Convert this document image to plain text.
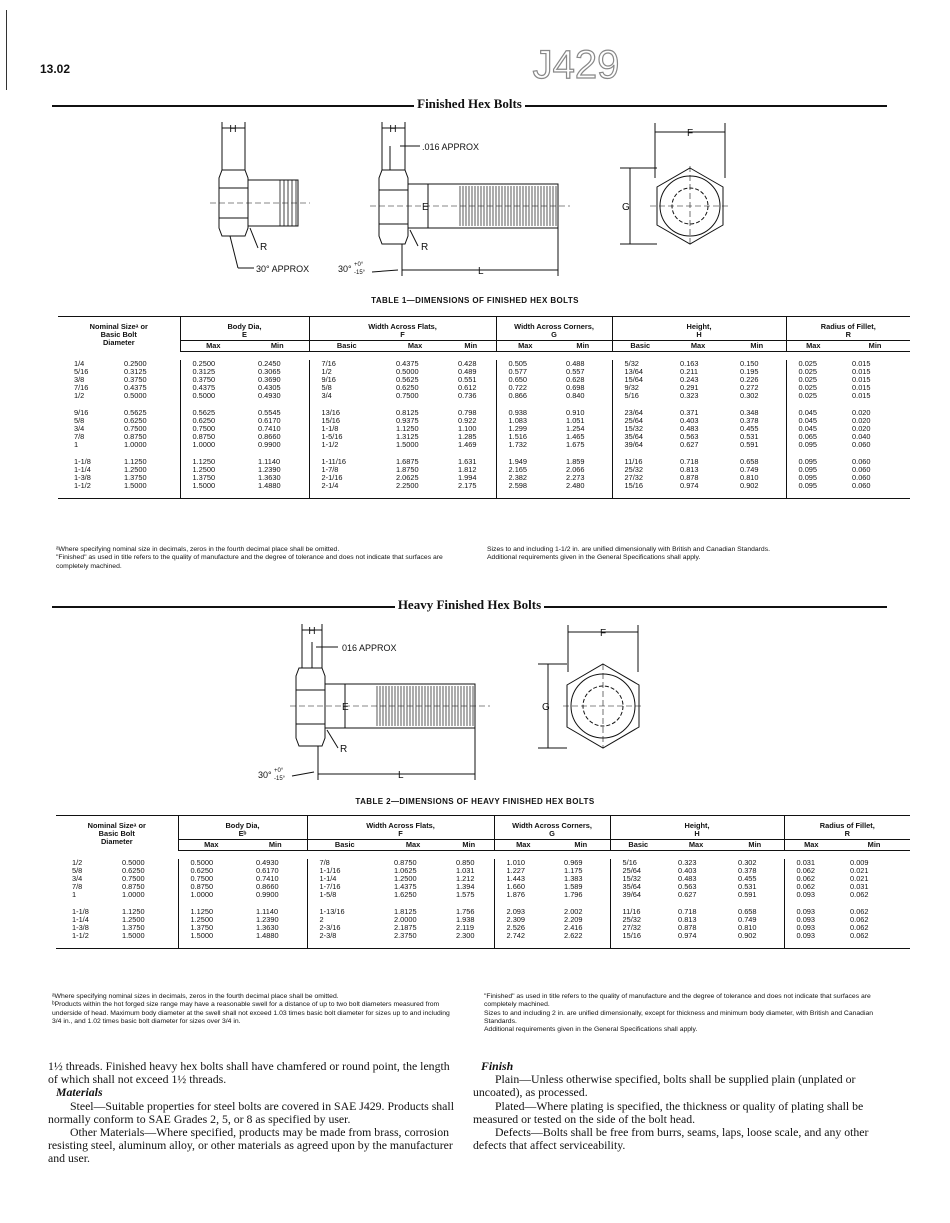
13.02	J429
Finished Hex Bolts
H
R
30° APPROX
H
.016 APPROX
E
R
L
30° +0°
-15°
F
G
TABLE 1—DIMENSIONS OF FINISHED HEX BOLTS
Nominal Sizeᵃ or Basic Bolt Diameter		Body Dia,
E		Width Across Flats,
F			Width Across Corners,
G		Height,
H			Radius of Fillet,
R	
		Max	Min	Basic	Max	Min	Max	Min	Basic	Max	Min	Max	Min

1/4	0.2500	0.2500	0.2450	7/16	0.4375	0.428	0.505	0.488	5/32	0.163	0.150	0.025	0.015
5/16	0.3125	0.3125	0.3065	1/2	0.5000	0.489	0.577	0.557	13/64	0.211	0.195	0.025	0.015
3/8	0.3750	0.3750	0.3690	9/16	0.5625	0.551	0.650	0.628	15/64	0.243	0.226	0.025	0.015
7/16	0.4375	0.4375	0.4305	5/8	0.6250	0.612	0.722	0.698	9/32	0.291	0.272	0.025	0.015
1/2	0.5000	0.5000	0.4930	3/4	0.7500	0.736	0.866	0.840	5/16	0.323	0.302	0.025	0.015

9/16	0.5625	0.5625	0.5545	13/16	0.8125	0.798	0.938	0.910	23/64	0.371	0.348	0.045	0.020
5/8	0.6250	0.6250	0.6170	15/16	0.9375	0.922	1.083	1.051	25/64	0.403	0.378	0.045	0.020
3/4	0.7500	0.7500	0.7410	1-1/8	1.1250	1.100	1.299	1.254	15/32	0.483	0.455	0.045	0.020
7/8	0.8750	0.8750	0.8660	1-5/16	1.3125	1.285	1.516	1.465	35/64	0.563	0.531	0.065	0.040
1	1.0000	1.0000	0.9900	1-1/2	1.5000	1.469	1.732	1.675	39/64	0.627	0.591	0.095	0.060

1-1/8	1.1250	1.1250	1.1140	1-11/16	1.6875	1.631	1.949	1.859	11/16	0.718	0.658	0.095	0.060
1-1/4	1.2500	1.2500	1.2390	1-7/8	1.8750	1.812	2.165	2.066	25/32	0.813	0.749	0.095	0.060
1-3/8	1.3750	1.3750	1.3630	2-1/16	2.0625	1.994	2.382	2.273	27/32	0.878	0.810	0.095	0.060
1-1/2	1.5000	1.5000	1.4880	2-1/4	2.2500	2.175	2.598	2.480	15/16	0.974	0.902	0.095	0.060

ᵃWhere specifying nominal size in decimals, zeros in the fourth decimal place shall be omitted.
"Finished" as used in title refers to the quality of manufacture and the degree of tolerance and does not indicate that surfaces are completely machined.
Sizes to and including 1-1/2 in. are unified dimensionally with British and Canadian Standards.
Additional requirements given in the General Specifications shall apply.
Heavy Finished Hex Bolts
H
016 APPROX
E
R
L
30° +0°
-15°
F
G
TABLE 2—DIMENSIONS OF HEAVY FINISHED HEX BOLTS
Nominal Sizeᵃ or Basic Bolt Diameter		Body Dia,
Eᵇ		Width Across Flats,
F			Width Across Corners,
G		Height,
H			Radius of Fillet,
R	
		Max	Min	Basic	Max	Min	Max	Min	Basic	Max	Min	Max	Min

1/2	0.5000	0.5000	0.4930	7/8	0.8750	0.850	1.010	0.969	5/16	0.323	0.302	0.031	0.009
5/8	0.6250	0.6250	0.6170	1-1/16	1.0625	1.031	1.227	1.175	25/64	0.403	0.378	0.062	0.021
3/4	0.7500	0.7500	0.7410	1-1/4	1.2500	1.212	1.443	1.383	15/32	0.483	0.455	0.062	0.021
7/8	0.8750	0.8750	0.8660	1-7/16	1.4375	1.394	1.660	1.589	35/64	0.563	0.531	0.062	0.031
1	1.0000	1.0000	0.9900	1-5/8	1.6250	1.575	1.876	1.796	39/64	0.627	0.591	0.093	0.062

1-1/8	1.1250	1.1250	1.1140	1-13/16	1.8125	1.756	2.093	2.002	11/16	0.718	0.658	0.093	0.062
1-1/4	1.2500	1.2500	1.2390	2	2.0000	1.938	2.309	2.209	25/32	0.813	0.749	0.093	0.062
1-3/8	1.3750	1.3750	1.3630	2-3/16	2.1875	2.119	2.526	2.416	27/32	0.878	0.810	0.093	0.062
1-1/2	1.5000	1.5000	1.4880	2-3/8	2.3750	2.300	2.742	2.622	15/16	0.974	0.902	0.093	0.062

ᵃWhere specifying nominal sizes in decimals, zeros in the fourth decimal place shall be omitted.
ᵇProducts within the hot forged size range may have a reasonable swell for a distance of up to two bolt diameters measured from underside of head. Maximum body diameter at the swell shall not exceed 1.03 times basic bolt diameter for sizes up to and including 3/4 in., and 1.02 times basic bolt diameter for sizes over 3/4 in.
"Finished" as used in title refers to the quality of manufacture and the degree of tolerance and does not indicate that surfaces are completely machined.
Sizes to and including 2 in. are unified dimensionally, except for thickness and minimum body diameter, with British and Canadian Standards.
Additional requirements given in the General Specifications shall apply.

1½ threads. Finished heavy hex bolts shall have chamfered or round point, the length of which shall not exceed 1½ threads.

Materials

Steel—Suitable properties for steel bolts are covered in SAE J429. Products shall normally conform to SAE Grades 2, 5, or 8 as specified by user.

Other Materials—Where specified, products may be made from brass, corrosion resisting steel, aluminum alloy, or other materials as agreed upon by the manufacturer and user.

Finish

Plain—Unless otherwise specified, bolts shall be supplied plain (unplated or uncoated), as processed.

Plated—Where plating is specified, the thickness or quality of plating shall be measured or tested on the side of the bolt head.

Defects—Bolts shall be free from burrs, seams, laps, loose scale, and any other defects that affect serviceability.
